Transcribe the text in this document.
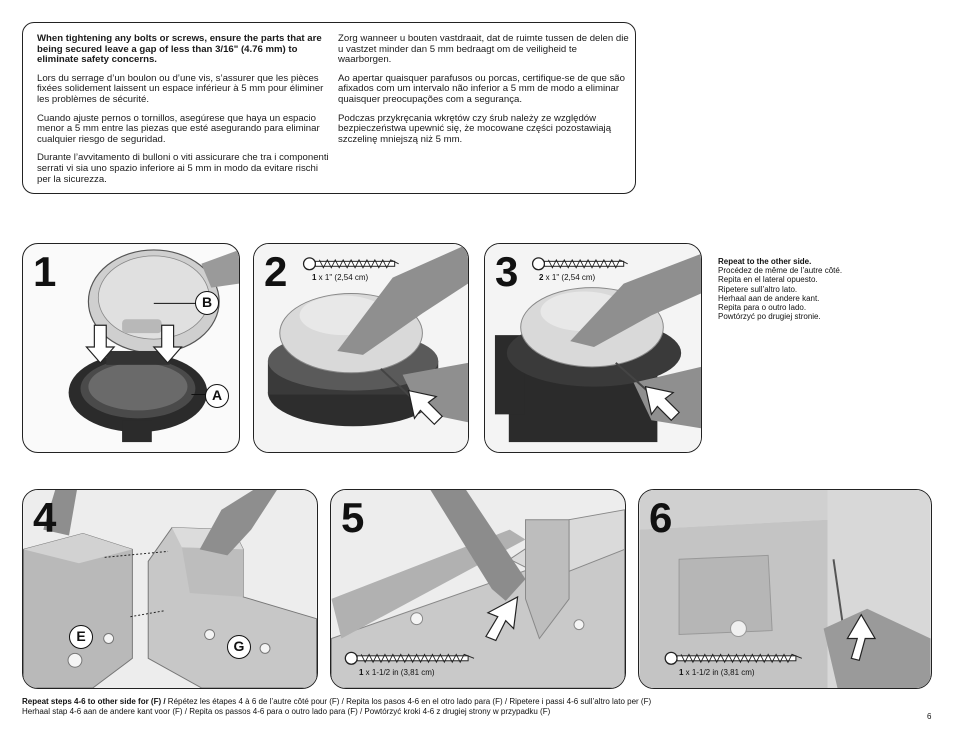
When tightening any bolts or screws, ensure the parts that are being secured leave a gap of less than 3/16" (4.76 mm) to eliminate safety concerns.

Lors du serrage d’un boulon ou d’une vis, s’assurer que les pièces fixées solidement laissent un espace inférieur à 5 mm pour éliminer les problèmes de sécurité.

Cuando ajuste pernos o tornillos, asegúrese que haya un espacio menor a 5 mm entre las piezas que esté asegurando para eliminar cualquier riesgo de seguridad.

Durante l’avvitamento di bulloni o viti assicurare che tra i componenti serrati vi sia uno spazio inferiore ai 5 mm in modo da evitare rischi per la sicurezza.

Zorg wanneer u bouten vastdraait, dat de ruimte tussen de delen die u vastzet minder dan 5 mm bedraagt om de veiligheid te waarborgen.

Ao apertar quaisquer parafusos ou porcas, certifique-se de que são afixados com um intervalo não inferior a 5 mm de modo a eliminar quaisquer preocupações com a segurança.

Podczas przykręcania wkrętów czy śrub należy ze względów bezpieczeństwa upewnić się, że mocowane części pozostawiają szczelinę mniejszą niż 5 mm.

1
B
A
2	1 x 1" (2,54 cm)	3	2 x 1" (2,54 cm)
Repeat to the other side.
Procédez de même de l’autre côté.
Repita en el lateral opuesto.
Ripetere sull’altro lato.
Herhaal aan de andere kant.
Repita para o outro lado.
Powtórzyć po drugiej stronie.
4
E
G
5
1 x 1-1/2 in (3,81 cm)
6
1 x 1-1/2 in (3,81 cm)
Repeat steps 4-6 to other side for (F) / Répétez les étapes 4 à 6 de l’autre côté pour (F) / Repita los pasos 4-6 en el otro lado para (F) / Ripetere i passi 4-6 sull’altro lato per (F)
Herhaal stap 4-6 aan de andere kant voor (F) / Repita os passos 4-6 para o outro lado para (F) / Powtórzyć kroki 4-6 z drugiej strony w przypadku (F)
6
